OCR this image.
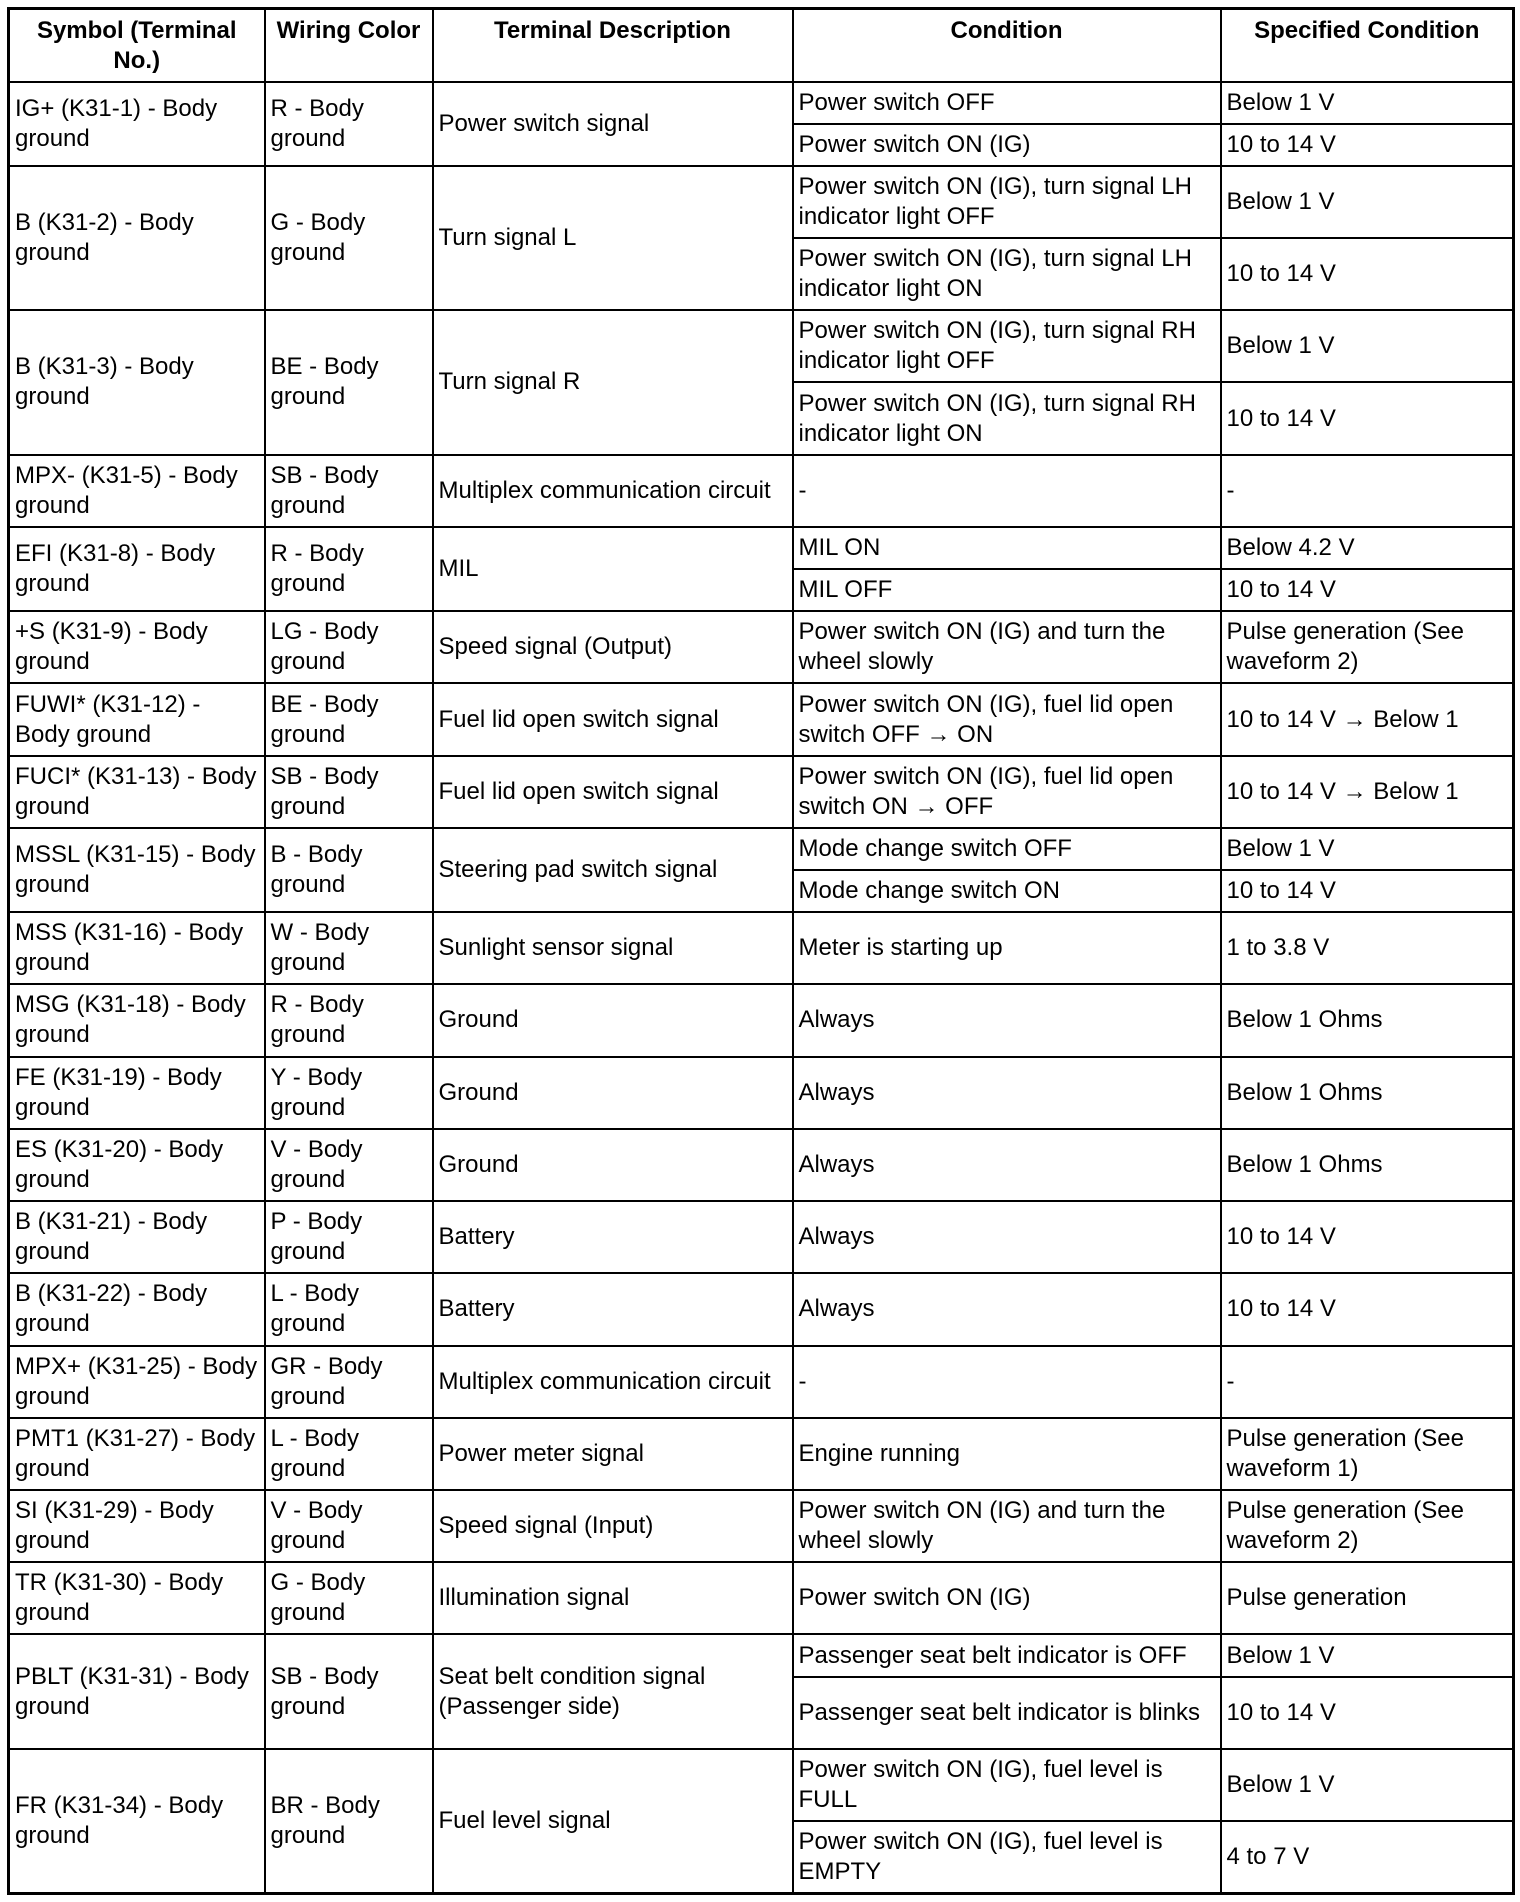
Symbol (Terminal No.)	Wiring Color	Terminal Description	Condition	Specified Condition
IG+ (K31-1) - Body ground	R - Body ground	Power switch signal	Power switch OFF	Below 1 V
			Power switch ON (IG)	10 to 14 V
B (K31-2) - Body ground	G - Body ground	Turn signal L	Power switch ON (IG), turn signal LH indicator light OFF	Below 1 V
			Power switch ON (IG), turn signal LH indicator light ON	10 to 14 V
B (K31-3) - Body ground	BE - Body ground	Turn signal R	Power switch ON (IG), turn signal RH indicator light OFF	Below 1 V
			Power switch ON (IG), turn signal RH indicator light ON	10 to 14 V
MPX- (K31-5) - Body ground	SB - Body ground	Multiplex communication circuit	-	-
EFI (K31-8) - Body ground	R - Body ground	MIL	MIL ON	Below 4.2 V
			MIL OFF	10 to 14 V
+S (K31-9) - Body ground	LG - Body ground	Speed signal (Output)	Power switch ON (IG) and turn the wheel slowly	Pulse generation (See waveform 2)
FUWI* (K31-12) - Body ground	BE - Body ground	Fuel lid open switch signal	Power switch ON (IG), fuel lid open switch OFF → ON	10 to 14 V → Below 1
FUCI* (K31-13) - Body ground	SB - Body ground	Fuel lid open switch signal	Power switch ON (IG), fuel lid open switch ON → OFF	10 to 14 V → Below 1
MSSL (K31-15) - Body ground	B - Body ground	Steering pad switch signal	Mode change switch OFF	Below 1 V
			Mode change switch ON	10 to 14 V
MSS (K31-16) - Body ground	W - Body ground	Sunlight sensor signal	Meter is starting up	1 to 3.8 V
MSG (K31-18) - Body ground	R - Body ground	Ground	Always	Below 1 Ohms
FE (K31-19) - Body ground	Y - Body ground	Ground	Always	Below 1 Ohms
ES (K31-20) - Body ground	V - Body ground	Ground	Always	Below 1 Ohms
B (K31-21) - Body ground	P - Body ground	Battery	Always	10 to 14 V
B (K31-22) - Body ground	L - Body ground	Battery	Always	10 to 14 V
MPX+ (K31-25) - Body ground	GR - Body ground	Multiplex communication circuit	-	-
PMT1 (K31-27) - Body ground	L - Body ground	Power meter signal	Engine running	Pulse generation (See waveform 1)
SI (K31-29) - Body ground	V - Body ground	Speed signal (Input)	Power switch ON (IG) and turn the wheel slowly	Pulse generation (See waveform 2)
TR (K31-30) - Body ground	G - Body ground	Illumination signal	Power switch ON (IG)	Pulse generation
PBLT (K31-31) - Body ground	SB - Body ground	Seat belt condition signal (Passenger side)	Passenger seat belt indicator is OFF	Below 1 V
			Passenger seat belt indicator is blinks	10 to 14 V
FR (K31-34) - Body ground	BR - Body ground	Fuel level signal	Power switch ON (IG), fuel level is FULL	Below 1 V
			Power switch ON (IG), fuel level is EMPTY	4 to 7 V
